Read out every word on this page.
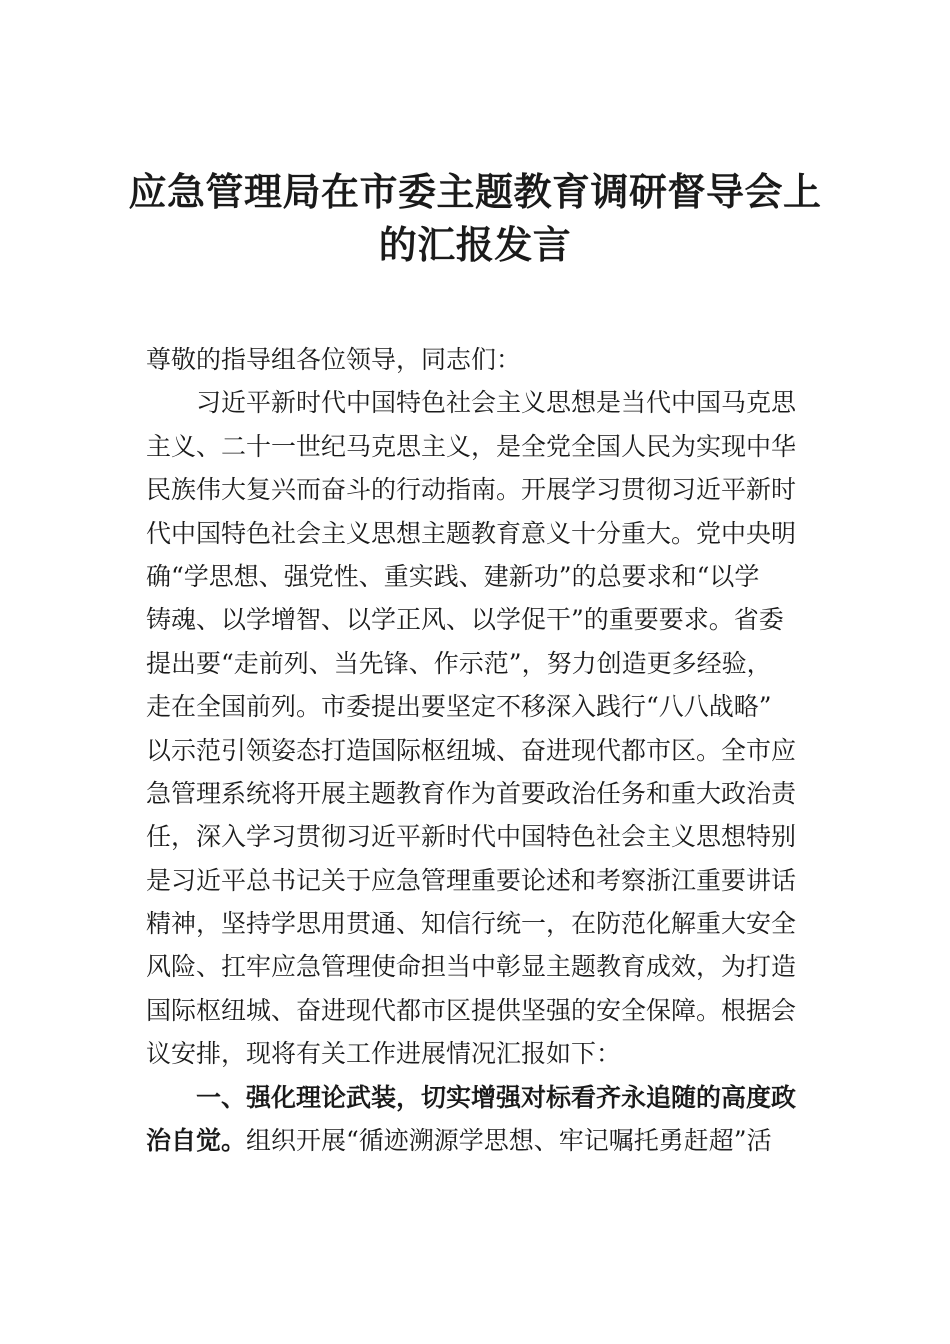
应急管理局在市委主题教育调研督导会上
的汇报发言
尊敬的指导组各位领导，同志们：
习近平新时代中国特色社会主义思想是当代中国马克思
主义、二十一世纪马克思主义，是全党全国人民为实现中华
民族伟大复兴而奋斗的行动指南。开展学习贯彻习近平新时
代中国特色社会主义思想主题教育意义十分重大。党中央明
确“学思想、强党性、重实践、建新功”的总要求和“以学
铸魂、以学增智、以学正风、以学促干”的重要要求。省委
提出要“走前列、当先锋、作示范”，努力创造更多经验，
走在全国前列。市委提出要坚定不移深入践行“八八战略”
以示范引领姿态打造国际枢纽城、奋进现代都市区。全市应
急管理系统将开展主题教育作为首要政治任务和重大政治责
任，深入学习贯彻习近平新时代中国特色社会主义思想特别
是习近平总书记关于应急管理重要论述和考察浙江重要讲话
精神，坚持学思用贯通、知信行统一，在防范化解重大安全
风险、扛牢应急管理使命担当中彰显主题教育成效，为打造
国际枢纽城、奋进现代都市区提供坚强的安全保障。根据会
议安排，现将有关工作进展情况汇报如下：
一、强化理论武装，切实增强对标看齐永追随的高度政
治自觉。组织开展“循迹溯源学思想、牢记嘱托勇赶超”活
